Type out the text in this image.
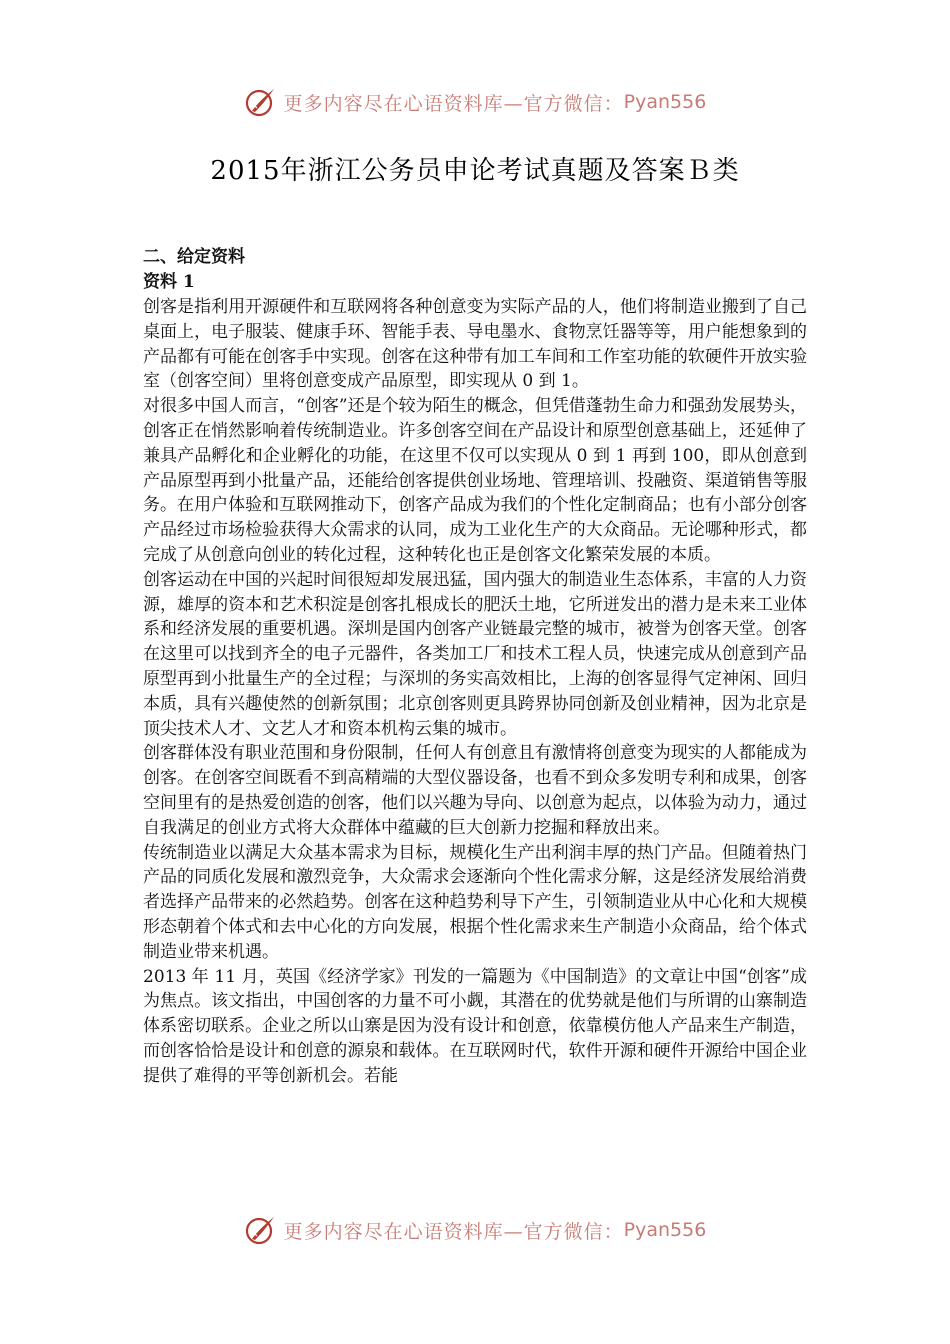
更多内容尽在心语资料库—官方微信： Pyan556
2015年浙江公务员申论考试真题及答案Ｂ类

二、给定资料

资料 1

创客是指利用开源硬件和互联网将各种创意变为实际产品的人，他们将制造业搬到了自己桌面上，电子服装、健康手环、智能手表、导电墨水、食物烹饪器等等，用户能想象到的产品都有可能在创客手中实现。创客在这种带有加工车间和工作室功能的软硬件开放实验室（创客空间）里将创意变成产品原型，即实现从 0 到 1。

对很多中国人而言，“创客”还是个较为陌生的概念，但凭借蓬勃生命力和强劲发展势头，创客正在悄然影响着传统制造业。许多创客空间在产品设计和原型创意基础上，还延伸了兼具产品孵化和企业孵化的功能，在这里不仅可以实现从 0 到 1 再到 100，即从创意到产品原型再到小批量产品，还能给创客提供创业场地、管理培训、投融资、渠道销售等服务。在用户体验和互联网推动下，创客产品成为我们的个性化定制商品；也有小部分创客产品经过市场检验获得大众需求的认同，成为工业化生产的大众商品。无论哪种形式，都完成了从创意向创业的转化过程，这种转化也正是创客文化繁荣发展的本质。

创客运动在中国的兴起时间很短却发展迅猛，国内强大的制造业生态体系，丰富的人力资源，雄厚的资本和艺术积淀是创客扎根成长的肥沃土地，它所迸发出的潜力是未来工业体系和经济发展的重要机遇。深圳是国内创客产业链最完整的城市，被誉为创客天堂。创客在这里可以找到齐全的电子元器件，各类加工厂和技术工程人员，快速完成从创意到产品原型再到小批量生产的全过程；与深圳的务实高效相比，上海的创客显得气定神闲、回归本质，具有兴趣使然的创新氛围；北京创客则更具跨界协同创新及创业精神，因为北京是顶尖技术人才、文艺人才和资本机构云集的城市。

创客群体没有职业范围和身份限制，任何人有创意且有激情将创意变为现实的人都能成为创客。在创客空间既看不到高精端的大型仪器设备，也看不到众多发明专利和成果，创客空间里有的是热爱创造的创客，他们以兴趣为导向、以创意为起点，以体验为动力，通过自我满足的创业方式将大众群体中蕴藏的巨大创新力挖掘和释放出来。

传统制造业以满足大众基本需求为目标，规模化生产出利润丰厚的热门产品。但随着热门产品的同质化发展和激烈竞争，大众需求会逐渐向个性化需求分解，这是经济发展给消费者选择产品带来的必然趋势。创客在这种趋势利导下产生，引领制造业从中心化和大规模形态朝着个体式和去中心化的方向发展，根据个性化需求来生产制造小众商品，给个体式制造业带来机遇。

2013 年 11 月，英国《经济学家》刊发的一篇题为《中国制造》的文章让中国“创客”成为焦点。该文指出，中国创客的力量不可小觑，其潜在的优势就是他们与所谓的山寨制造体系密切联系。企业之所以山寨是因为没有设计和创意，依靠模仿他人产品来生产制造，而创客恰恰是设计和创意的源泉和载体。在互联网时代，软件开源和硬件开源给中国企业提供了难得的平等创新机会。若能

更多内容尽在心语资料库—官方微信： Pyan556
